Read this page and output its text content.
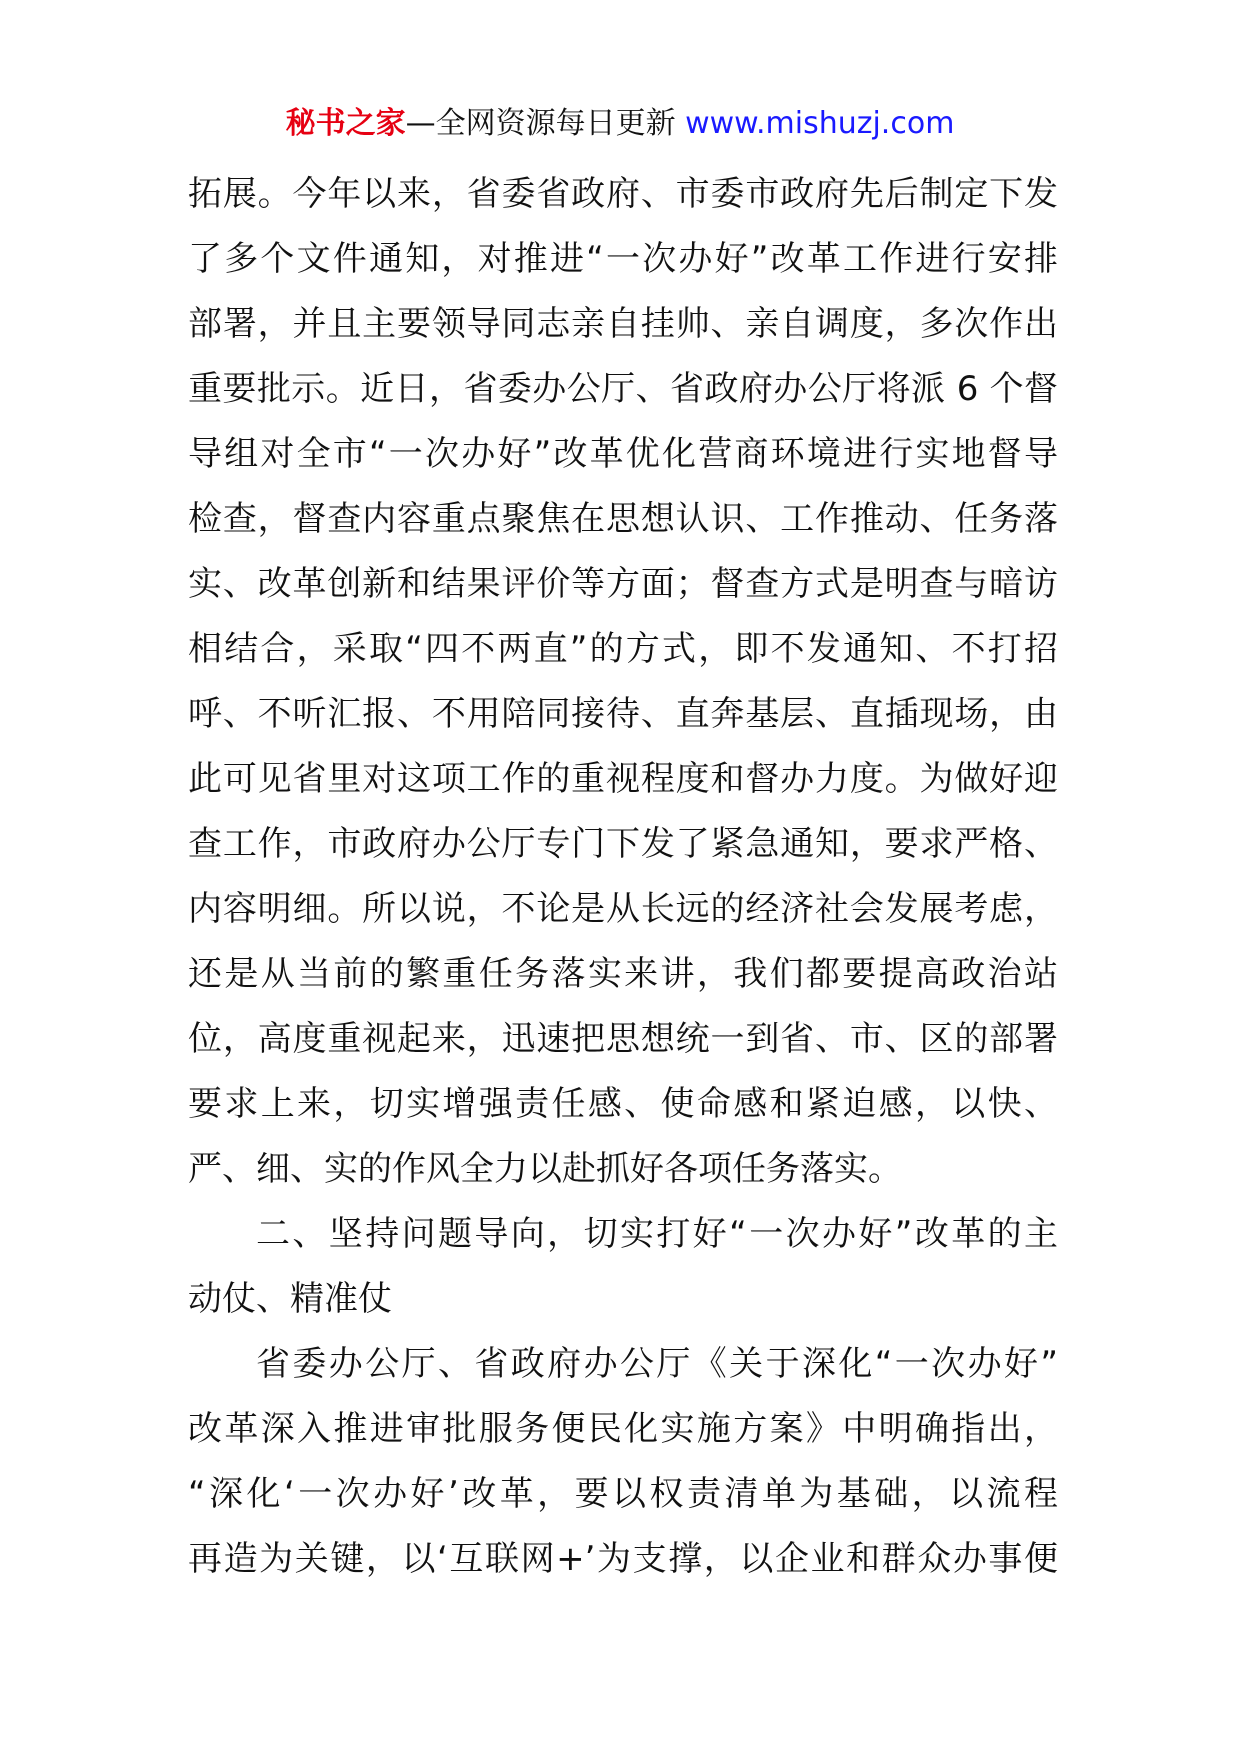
秘书之家—全网资源每日更新 www.mishuzj.com
拓展。今年以来，省委省政府、市委市政府先后制定下发
了多个文件通知，对推进“一次办好”改革工作进行安排
部署，并且主要领导同志亲自挂帅、亲自调度，多次作出
重要批示。近日，省委办公厅、省政府办公厅将派 6 个督
导组对全市“一次办好”改革优化营商环境进行实地督导
检查，督查内容重点聚焦在思想认识、工作推动、任务落
实、改革创新和结果评价等方面；督查方式是明查与暗访
相结合，采取“四不两直”的方式，即不发通知、不打招
呼、不听汇报、不用陪同接待、直奔基层、直插现场，由
此可见省里对这项工作的重视程度和督办力度。为做好迎
查工作，市政府办公厅专门下发了紧急通知，要求严格、
内容明细。所以说，不论是从长远的经济社会发展考虑，
还是从当前的繁重任务落实来讲，我们都要提高政治站
位，高度重视起来，迅速把思想统一到省、市、区的部署
要求上来，切实增强责任感、使命感和紧迫感，以快、
严、细、实的作风全力以赴抓好各项任务落实。
二、坚持问题导向，切实打好“一次办好”改革的主
动仗、精准仗
省委办公厅、省政府办公厅《关于深化“一次办好”
改革深入推进审批服务便民化实施方案》中明确指出，
“深化‘一次办好’改革，要以权责清单为基础，以流程
再造为关键，以‘互联网+’为支撑，以企业和群众办事便
